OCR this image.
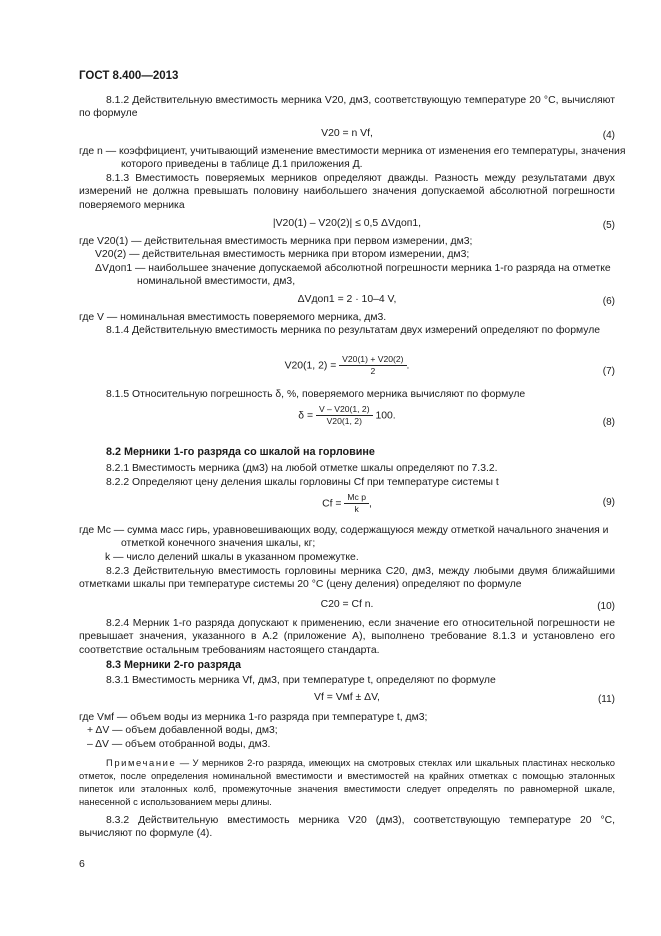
ГОСТ 8.400—2013
8.1.2 Действительную вместимость мерника V20, дм3, соответствующую температуре 20 °С, вычисляют по формуле
V20 = n Vf,	(4)
где n — коэффициент, учитывающий изменение вместимости мерника от изменения его температуры, значения которого приведены в таблице Д.1 приложения Д.
8.1.3 Вместимость поверяемых мерников определяют дважды. Разность между результатами двух измерений не должна превышать половину наибольшего значения допускаемой абсолютной погрешности поверяемого мерника
|V20(1) – V20(2)| ≤ 0,5 ΔVдоп1,	(5)
где V20(1) — действительная вместимость мерника при первом измерении, дм3;
V20(2) — действительная вместимость мерника при втором измерении, дм3;
ΔVдоп1 — наибольшее значение допускаемой абсолютной погрешности мерника 1-го разряда на отметке номинальной вместимости, дм3,
ΔVдоп1 = 2 · 10–4 V,	(6)
где V — номинальная вместимость поверяемого мерника, дм3.
8.1.4 Действительную вместимость мерника по результатам двух измерений определяют по формуле
V20(1, $2) = \frac{V20(1) + V20(2)}{2}$ .
(7)
8.1.5 Относительную погрешность δ, %, поверяемого мерника вычисляют по формуле
$\delta = \frac{V - V20(1, 2)}{V20(1, 2)} 100$.
(8)
8.2 Мерники 1-го разряда со шкалой на горловине
8.2.1 Вместимость мерника (дм3) на любой отметке шкалы определяют по 7.3.2.
8.2.2 Определяют цену деления шкалы горловины Cf при температуре системы t
$Cf = \frac{\text{Mc p}}{k}$ ,	(9)
где Mc — сумма масс гирь, уравновешивающих воду, содержащуюся между отметкой начального значения и отметкой конечного значения шкалы, кг;
k — число делений шкалы в указанном промежутке.
8.2.3 Действительную вместимость горловины мерника C20, дм3, между любыми двумя ближайшими отметками шкалы при температуре системы 20 °С (цену деления) определяют по формуле
C20 = Cf n.	(10)
8.2.4 Мерник 1-го разряда допускают к применению, если значение его относительной погрешности не превышает значения, указанного в А.2 (приложение А), выполнено требование 8.1.3 и установлено его соответствие остальным требованиям настоящего стандарта.
8.3 Мерники 2-го разряда
8.3.1 Вместимость мерника Vf, дм3, при температуре t, определяют по формуле
Vf = Vмf ± ΔV,	(11)
где Vмf — объем воды из мерника 1-го разряда при температуре t, дм3;
+ ΔV — объем добавленной воды, дм3;
– ΔV — объем отобранной воды, дм3.
Примечание — У мерников 2-го разряда, имеющих на смотровых стеклах или шкальных пластинах несколько отметок, после определения номинальной вместимости и вместимостей на крайних отметках с помощью эталонных пипеток или эталонных колб, промежуточные значения вместимости следует определять по равномерной шкале, нанесенной с использованием меры длины.
8.3.2 Действительную вместимость мерника V20 (дм3), соответствующую температуре 20 °С, вычисляют по формуле (4).
6
